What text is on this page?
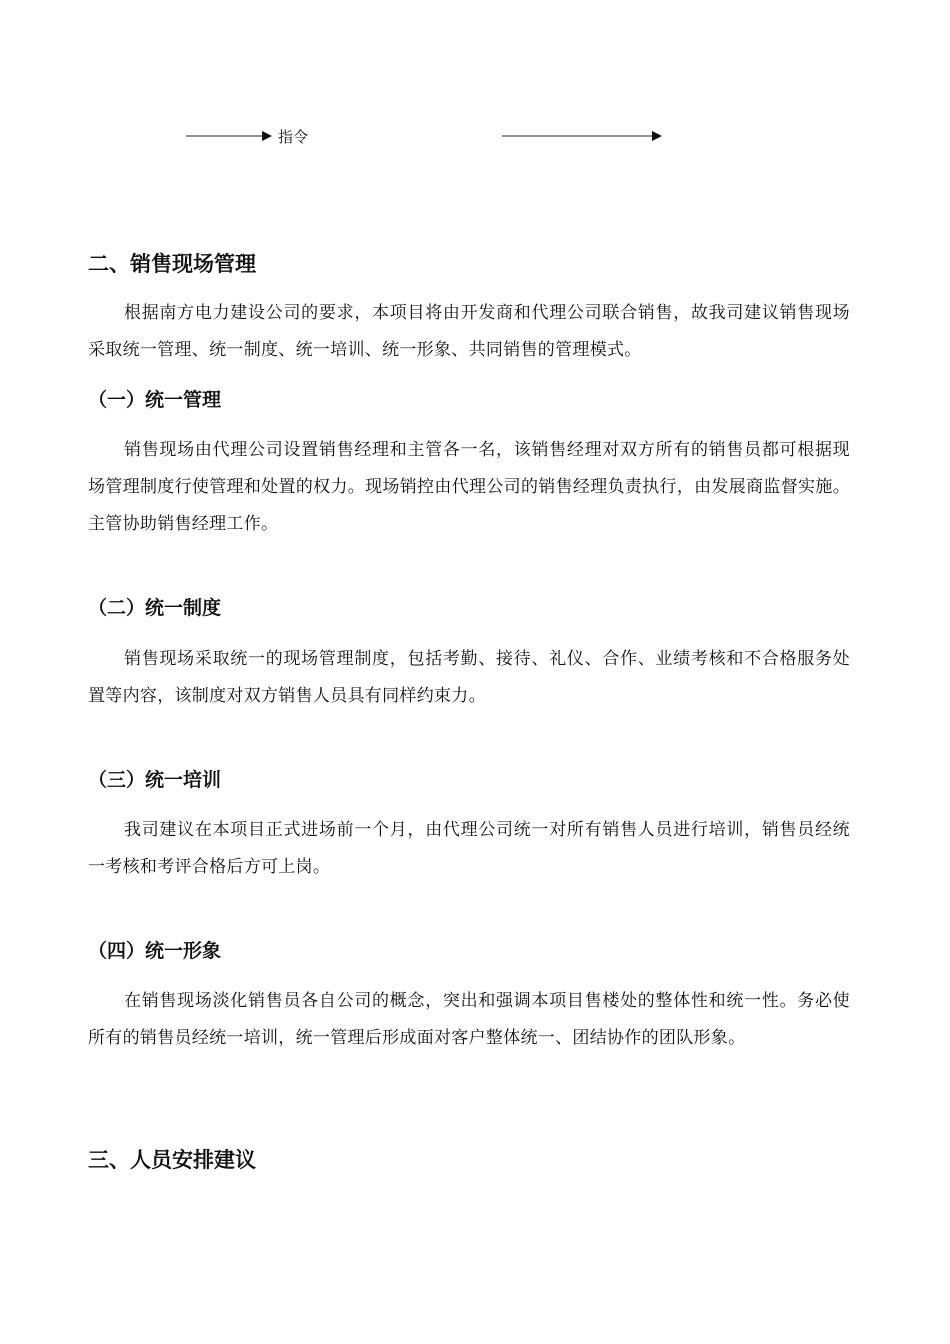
指令
二、销售现场管理
根据南方电力建设公司的要求，本项目将由开发商和代理公司联合销售，故我司建议销售现场采取统一管理、统一制度、统一培训、统一形象、共同销售的管理模式。
（一）统一管理
销售现场由代理公司设置销售经理和主管各一名，该销售经理对双方所有的销售员都可根据现场管理制度行使管理和处置的权力。现场销控由代理公司的销售经理负责执行，由发展商监督实施。主管协助销售经理工作。
（二）统一制度
销售现场采取统一的现场管理制度，包括考勤、接待、礼仪、合作、业绩考核和不合格服务处置等内容，该制度对双方销售人员具有同样约束力。
（三）统一培训
我司建议在本项目正式进场前一个月，由代理公司统一对所有销售人员进行培训，销售员经统一考核和考评合格后方可上岗。
（四）统一形象
在销售现场淡化销售员各自公司的概念，突出和强调本项目售楼处的整体性和统一性。务必使所有的销售员经统一培训，统一管理后形成面对客户整体统一、团结协作的团队形象。
三、人员安排建议
